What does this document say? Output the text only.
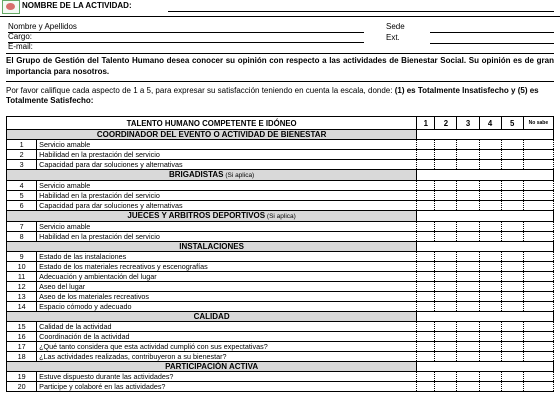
NOMBRE DE LA ACTIVIDAD:
Nombre y Apellidos
Cargo:
E-mail:
Sede
Ext.
El Grupo de Gestión del Talento Humano desea conocer su opinión con respecto a las actividades de Bienestar Social. Su opinión es de gran importancia para nosotros.
Por favor califique cada aspecto de 1 a 5, para expresar su satisfacción teniendo en cuenta la escala, donde: (1) es Totalmente Insatisfecho y (5) es Totalmente Satisfecho:
TALENTO HUMANO COMPETENTE E IDÓNEO		1	2	3	4	5	No sabe
COORDINADOR DEL EVENTO O ACTIVIDAD DE BIENESTAR							
1	Servicio amable						
2	Habilidad en la prestación del servicio						
3	Capacidad para dar soluciones y alternativas						
BRIGADISTAS (Si aplica)							
4	Servicio amable						
5	Habilidad en la prestación del servicio						
6	Capacidad para dar soluciones y alternativas						
JUECES Y ARBITROS DEPORTIVOS (Si aplica)							
7	Servicio amable						
8	Habilidad en la prestación del servicio						
INSTALACIONES							
9	Estado de las instalaciones						
10	Estado de los materiales recreativos y escenografías						
11	Adecuación y ambientación del lugar						
12	Aseo del lugar						
13	Aseo de los materiales recreativos						
14	Espacio cómodo y adecuado						
CALIDAD							
15	Calidad de la actividad						
16	Coordinación de la actividad						
17	¿Qué tanto considera que esta actividad cumplió con sus expectativas?						
18	¿Las actividades realizadas, contribuyeron a su bienestar?						
PARTICIPACIÓN ACTIVA							
19	Estuve dispuesto durante las actividades?						
20	Participe y colaboré en las actividades?						
